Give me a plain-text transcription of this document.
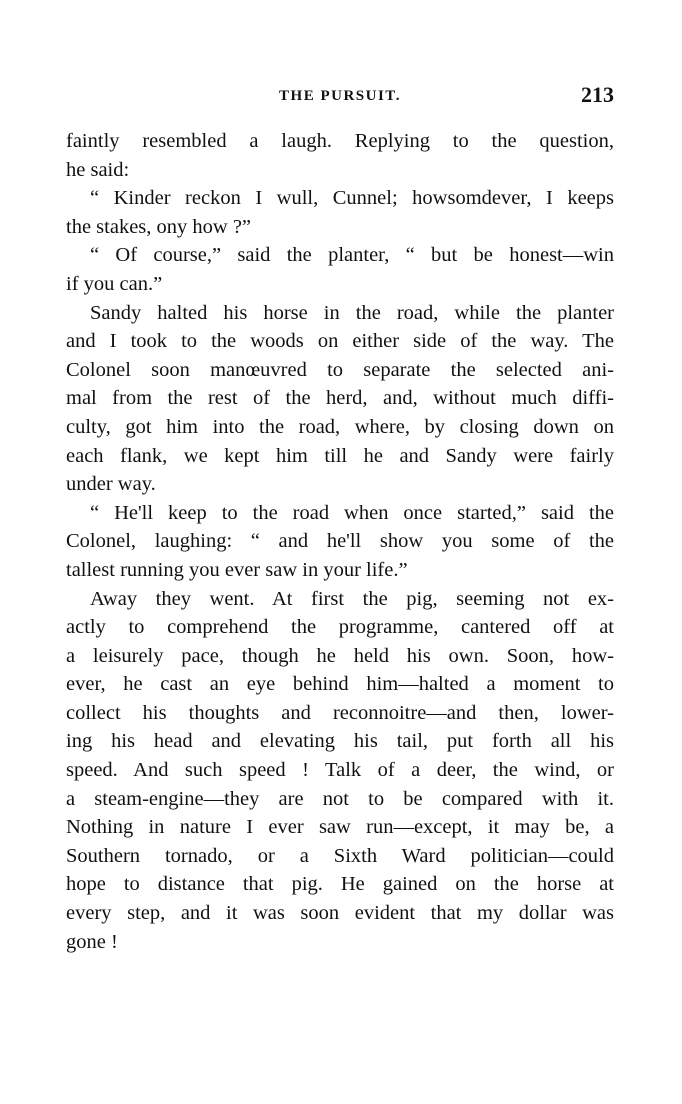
THE PURSUIT.	213
faintly resembled a laugh. Replying to the question,
he said:
“ Kinder reckon I wull, Cunnel; howsomdever, I keeps
the stakes, ony how ?”
“ Of course,” said the planter, “ but be honest—win
if you can.”
Sandy halted his horse in the road, while the planter
and I took to the woods on either side of the way. The
Colonel soon manœuvred to separate the selected ani-
mal from the rest of the herd, and, without much diffi-
culty, got him into the road, where, by closing down on
each flank, we kept him till he and Sandy were fairly
under way.
“ He'll keep to the road when once started,” said the
Colonel, laughing: “ and he'll show you some of the
tallest running you ever saw in your life.”
Away they went. At first the pig, seeming not ex-
actly to comprehend the programme, cantered off at
a leisurely pace, though he held his own. Soon, how-
ever, he cast an eye behind him—halted a moment to
collect his thoughts and reconnoitre—and then, lower-
ing his head and elevating his tail, put forth all his
speed. And such speed ! Talk of a deer, the wind, or
a steam-engine—they are not to be compared with it.
Nothing in nature I ever saw run—except, it may be, a
Southern tornado, or a Sixth Ward politician—could
hope to distance that pig. He gained on the horse at
every step, and it was soon evident that my dollar was
gone !
